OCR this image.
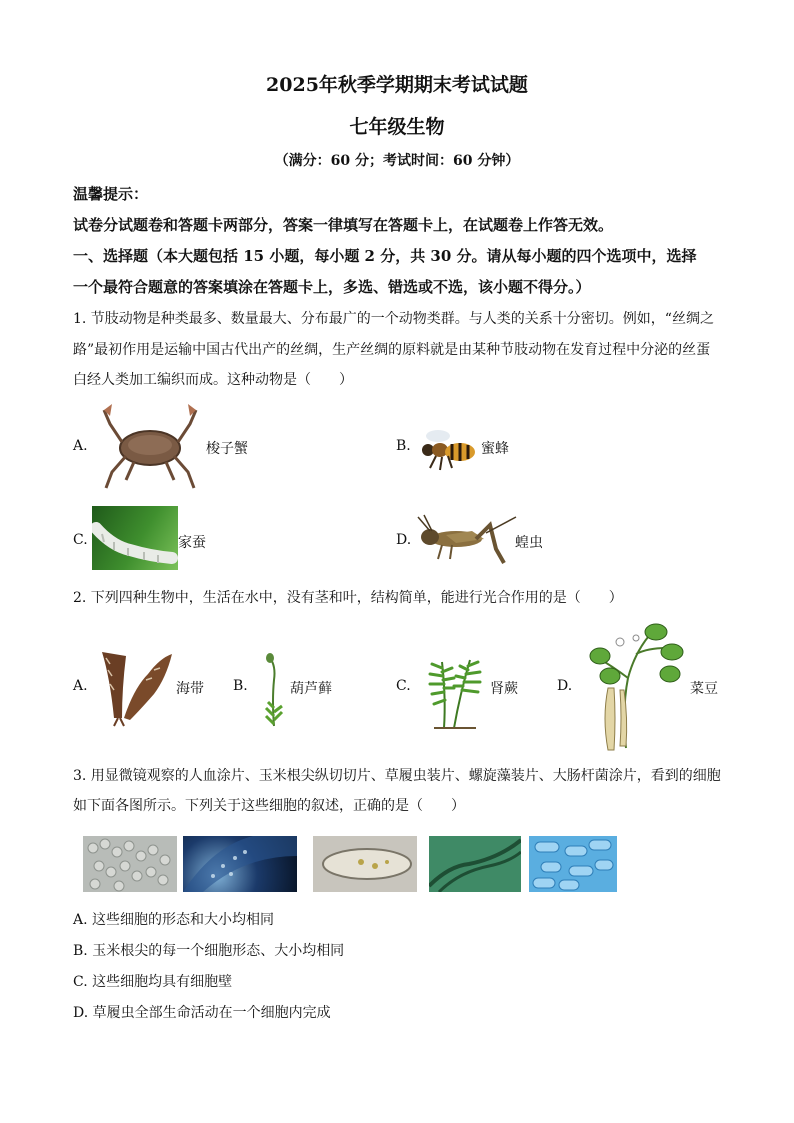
2025年秋季学期期末考试试题
七年级生物
（满分：60 分；考试时间：60 分钟）
温馨提示：
试卷分试题卷和答题卡两部分，答案一律填写在答题卡上，在试题卷上作答无效。
一、选择题（本大题包括 15 小题，每小题 2 分，共 30 分。请从每小题的四个选项中，选择
一个最符合题意的答案填涂在答题卡上，多选、错选或不选，该小题不得分。）
1. 节肢动物是种类最多、数量最大、分布最广的一个动物类群。与人类的关系十分密切。例如，“丝绸之
路”最初作用是运输中国古代出产的丝绸，生产丝绸的原料就是由某种节肢动物在发育过程中分泌的丝蛋
白经人类加工编织而成。这种动物是（　　）
A.	梭子蟹	B.	蜜蜂
C.	家蚕	D.	蝗虫
2. 下列四种生物中，生活在水中，没有茎和叶，结构简单，能进行光合作用的是（　　）
A.	海带 B.	葫芦藓	C.	肾蕨	D.	菜豆
3. 用显微镜观察的人血涂片、玉米根尖纵切切片、草履虫装片、螺旋藻装片、大肠杆菌涂片，看到的细胞
如下面各图所示。下列关于这些细胞的叙述，正确的是（　　）
A. 这些细胞的形态和大小均相同
B. 玉米根尖的每一个细胞形态、大小均相同
C. 这些细胞均具有细胞壁
D. 草履虫全部生命活动在一个细胞内完成
